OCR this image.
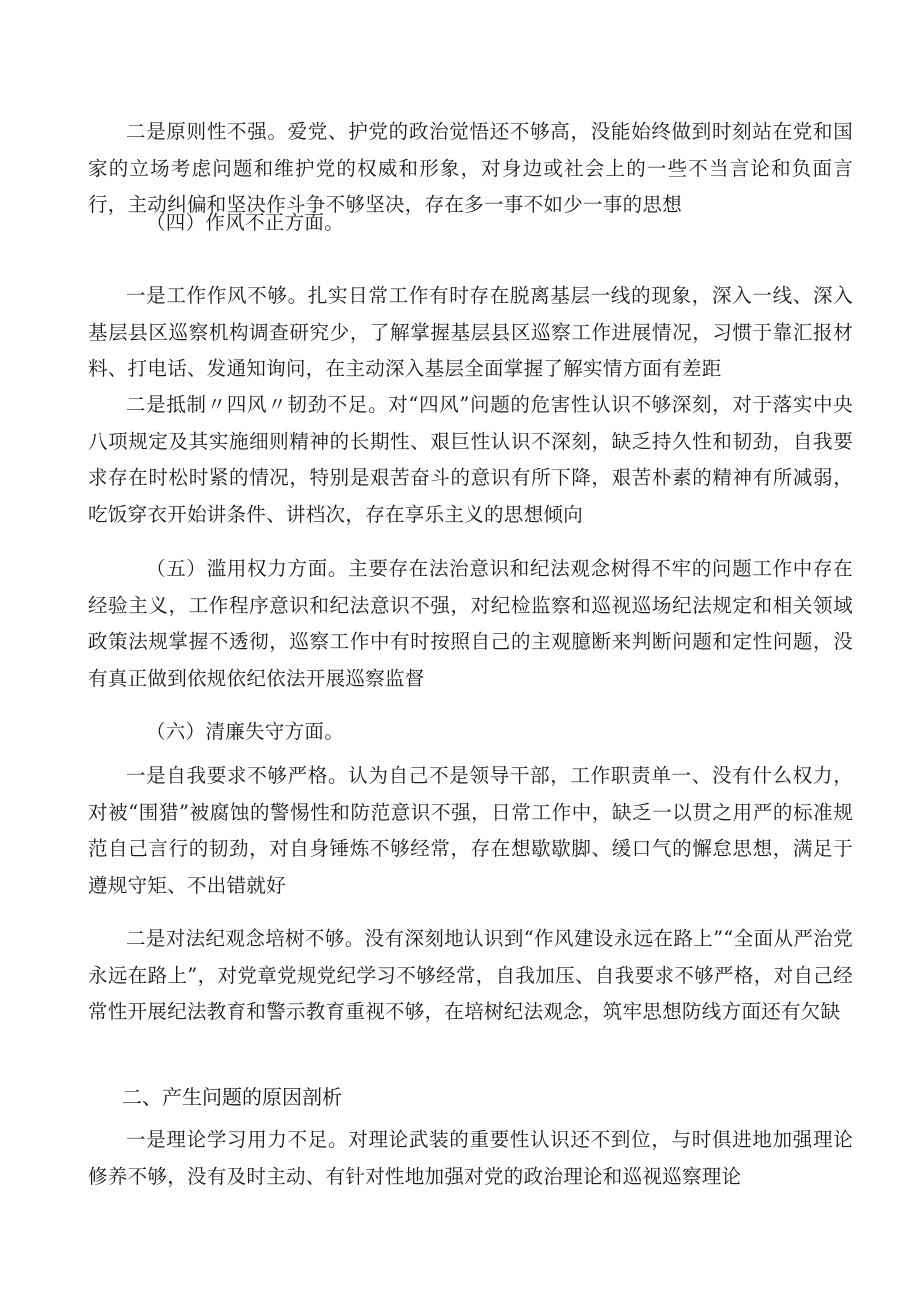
二是原则性不强。爱党、护党的政治觉悟还不够高，没能始终做到时刻站在党和国家的立场考虑问题和维护党的权威和形象，对身边或社会上的一些不当言论和负面言行，主动纠偏和坚决作斗争不够坚决，存在多一事不如少一事的思想

（四）作风不正方面。

一是工作作风不够。扎实日常工作有时存在脱离基层一线的现象，深入一线、深入基层县区巡察机构调查研究少，了解掌握基层县区巡察工作进展情况，习惯于靠汇报材料、打电话、发通知询问，在主动深入基层全面掌握了解实情方面有差距

二是抵制〃四风〃韧劲不足。对“四风”问题的危害性认识不够深刻，对于落实中央八项规定及其实施细则精神的长期性、艰巨性认识不深刻，缺乏持久性和韧劲，自我要求存在时松时紧的情况，特别是艰苦奋斗的意识有所下降，艰苦朴素的精神有所减弱，吃饭穿衣开始讲条件、讲档次，存在享乐主义的思想倾向

（五）滥用权力方面。主要存在法治意识和纪法观念树得不牢的问题工作中存在经验主义，工作程序意识和纪法意识不强，对纪检监察和巡视巡场纪法规定和相关领域政策法规掌握不透彻，巡察工作中有时按照自己的主观臆断来判断问题和定性问题，没有真正做到依规依纪依法开展巡察监督

（六）清廉失守方面。

一是自我要求不够严格。认为自己不是领导干部，工作职责单一、没有什么权力，对被“围猎”被腐蚀的警惕性和防范意识不强，日常工作中，缺乏一以贯之用严的标准规范自己言行的韧劲，对自身锤炼不够经常，存在想歇歇脚、缓口气的懈怠思想，满足于遵规守矩、不出错就好

二是对法纪观念培树不够。没有深刻地认识到“作风建设永远在路上”“全面从严治党永远在路上”，对党章党规党纪学习不够经常，自我加压、自我要求不够严格，对自己经常性开展纪法教育和警示教育重视不够，在培树纪法观念，筑牢思想防线方面还有欠缺

二、产生问题的原因剖析

一是理论学习用力不足。对理论武装的重要性认识还不到位，与时俱进地加强理论修养不够，没有及时主动、有针对性地加强对党的政治理论和巡视巡察理论
